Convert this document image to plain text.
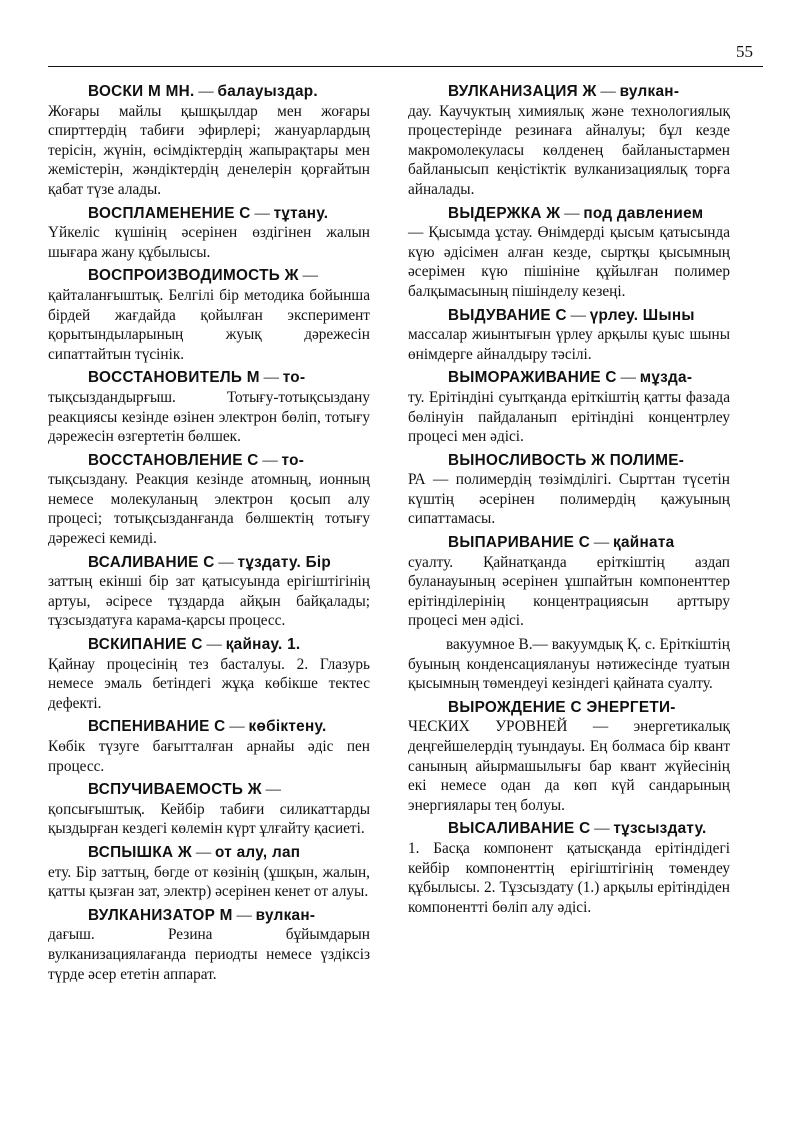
55

ВОСКИ М МН. — балауыздар.
Жоғары майлы қышқылдар мен жоғары спирттердің табиғи эфирлері; жануарлардың терісін, жүнін, өсімдіктердің жапырақтары мен жемістерін, жәндіктердің денелерін қорғайтын қабат түзе алады.

ВОСПЛАМЕНЕНИЕ С — тұтану.
Үйкеліс күшінің әсерінен өздігінен жалын шығара жану құбылысы.

ВОСПРОИЗВОДИМОСТЬ Ж —
қайталанғыштық. Белгілі бір методика бойынша бірдей жағдайда қойылған эксперимент қорытындыларының жуық дәрежесін сипаттайтын түсінік.

ВОССТАНОВИТЕЛЬ М — то-
тықсыздандырғыш. Тотығу-тотықсыздану реакциясы кезінде өзінен электрон бөліп, тотығу дәрежесін өзгертетін бөлшек.

ВОССТАНОВЛЕНИЕ С — то-
тықсыздану. Реакция кезінде атомның, ионның немесе молекуланың электрон қосып алу процесі; тотықсызданғанда бөлшектің тотығу дәрежесі кемиді.

ВСАЛИВАНИЕ С — тұздату. Бір
заттың екінші бір зат қатысуында ерігіштігінің артуы, әсіресе тұздарда айқын байқалады; тұзсыздатуға карама-қарсы процесс.

ВСКИПАНИЕ С — қайнау. 1.
Қайнау процесінің тез басталуы. 2. Глазурь немесе эмаль бетіндегі жұқа көбікше тектес дефекті.

ВСПЕНИВАНИЕ С — көбіктену.
Көбік түзуге бағытталған арнайы әдіс пен процесс.

ВСПУЧИВАЕМОСТЬ Ж —
қопсығыштық. Кейбір табиғи силикаттарды қыздырған кездегі көлемін күрт ұлғайту қасиеті.

ВСПЫШКА Ж — от алу, лап
ету. Бір заттың, бөгде от көзінің (ұшқын, жалын, қатты қызған зат, электр) әсерінен кенет от алуы.

ВУЛКАНИЗАТОР М — вулкан-
дағыш. Резина бұйымдарын вулканизациялағанда периодты немесе үздіксіз түрде әсер ететін аппарат.

ВУЛКАНИЗАЦИЯ Ж — вулкан-
дау. Каучуктың химиялық және технологиялық процестерінде резинаға айналуы; бұл кезде макромолекуласы көлденең байланыстармен байланысып кеңістіктік вулканизациялық торға айналады.

ВЫДЕРЖКА Ж — под давлением
— Қысымда ұстау. Өнімдерді қысым қатысында күю әдісімен алған кезде, сыртқы қысымның әсерімен күю пішініне құйылған полимер балқымасының пішінделу кезеңі.

ВЫДУВАНИЕ С — үрлеу. Шыны
массалар жиынтығын үрлеу арқылы қуыс шыны өнімдерге айналдыру тәсілі.

ВЫМОРАЖИВАНИЕ С — мұзда-
ту. Ерітіндіні суытқанда еріткіштің қатты фазада бөлінуін пайдаланып ерітіндіні концентрлеу процесі мен әдісі.

ВЫНОСЛИВОСТЬ Ж ПОЛИМЕ-
РА — полимердің төзімділігі. Сырттан түсетін күштің әсерінен полимердің қажуының сипаттамасы.

ВЫПАРИВАНИЕ С — қайната
суалту. Қайнатқанда еріткіштің аздап буланауының әсерінен ұшпайтын компоненттер ерітінділерінің концентрациясын арттыру процесі мен әдісі.

вакуумное В.— вакуумдық Қ. с. Еріткіштің буының конденсациялануы нәтижесінде туатын қысымның төмендеуі кезіндегі қайната суалту.

ВЫРОЖДЕНИЕ С ЭНЕРГЕТИ-
ЧЕСКИХ УРОВНЕЙ — энергетикалық деңгейшелердің туындауы. Ең болмаса бір квант санының айырмашылығы бар квант жүйесінің екі немесе одан да көп күй сандарының энергиялары тең болуы.

ВЫСАЛИВАНИЕ С — тұзсыздату.
1. Басқа компонент қатысқанда ерітіндідегі кейбір компоненттің ерігіштігінің төмендеу құбылысы. 2. Тұзсыздату (1.) арқылы ерітіндіден компонентті бөліп алу әдісі.
